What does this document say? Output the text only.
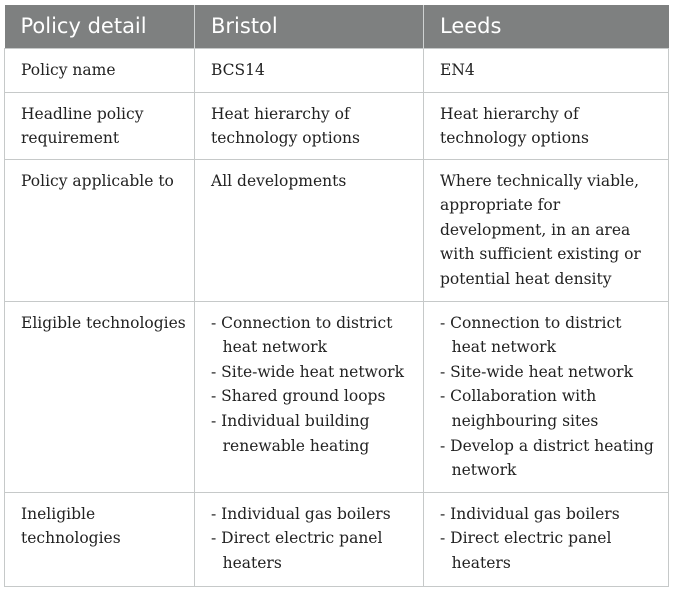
Policy detail	Bristol	Leeds
Policy name	BCS14	EN4

Headline policy requirement	Heat hierarchy of technology options	Heat hierarchy of technology options

Policy applicable to	All developments	Where technically viable, appropriate for development, in an area with sufficient existing or potential heat density

Eligible technologies	- Connection to district heat network
- Site-wide heat network
- Shared ground loops
- Individual building renewable heating	- Connection to district heat network
- Site-wide heat network
- Collaboration with neighbouring sites
- Develop a district heating network

Ineligible technologies	- Individual gas boilers
- Direct electric panel heaters	- Individual gas boilers
- Direct electric panel heaters
